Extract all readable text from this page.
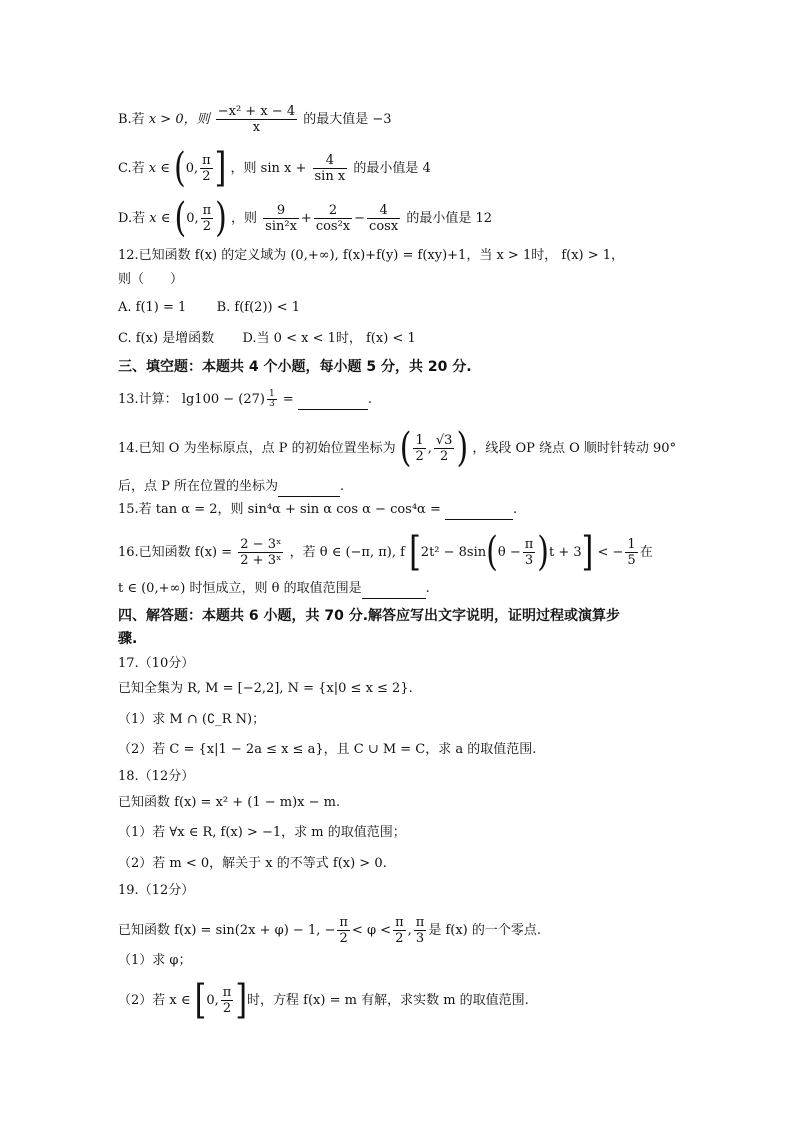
B.若 x > 0，则 $\frac{\text{−x² + x − 4}}{x}$ 的最大值是 −3
C.若 x ∈ (0, $\frac{\pi}{2}$ ] ，则 $\sin x + \frac{4}{\text{sin x}}$ 的最小值是 4
D.若 x ∈ (0, $\frac{\pi}{2}$ ) ，则 $\frac{9}{\text{sin²x}} + \frac{2}{\text{cos²x}} - \frac{4}{\cos x}$ 的最小值是 12
12.已知函数 f(x) 的定义域为 (0,+∞), f(x)+f(y) = f(xy)+1，当 x > 1时， f(x) > 1，
则（　　）
A. f(1) = 1 B. f(f(2)) < 1
C. f(x) 是增函数 D.当 0 < x < 1时， f(x) < 1
三、填空题：本题共 4 个小题，每小题 5 分，共 20 分.
13.计算： $\lg 100 - (27) \frac{1}{3}$ =	.
14.已知 O 为坐标原点，点 P 的初始位置坐标为 ( $\frac{1}{2}$ , $\frac{√3}{2}$ ) ，线段 OP 绕点 O 顺时针转动 90°
后，点 P 所在位置的坐标为	.
15.若 tan α = 2，则 sin⁴α + sin α cos α − cos⁴α =	.
16.已知函数 $f(x) = \frac{\text{2 − 3ˣ}}{\text{2 + 3ˣ}}$ ，若 θ ∈ (−π, π), f $[2t^2 - 8\sin(\theta - \frac{\pi}{3} )t + 3]$ < − $\frac{1}{5}$ 在
t ∈ (0,+∞) 时恒成立，则 θ 的取值范围是	.
四、解答题：本题共 6 小题，共 70 分.解答应写出文字说明，证明过程或演算步
骤.
17.（10分）
已知全集为 R, M = [−2,2], N = {x|0 ≤ x ≤ 2}.
（1）求 M ∩ (∁_R N)；
（2）若 C = {x|1 − 2a ≤ x ≤ a}，且 C ∪ M = C，求 a 的取值范围.
18.（12分）
已知函数 f(x) = x² + (1 − m)x − m.
（1）若 ∀x ∈ R, f(x) > −1，求 m 的取值范围；
（2）若 m < 0，解关于 x 的不等式 f(x) > 0.
19.（12分）
已知函数 f(x) = sin(2x + φ) − 1, − $\frac{\pi}{2} < \varphi < \frac{\pi}{2}$ , $\frac{\pi}{3}$ 是 f(x) 的一个零点.
（1）求 φ；
（2）若 x ∈ [0, $\frac{\pi}{2}$ ]时，方程 f(x) = m 有解，求实数 m 的取值范围.
